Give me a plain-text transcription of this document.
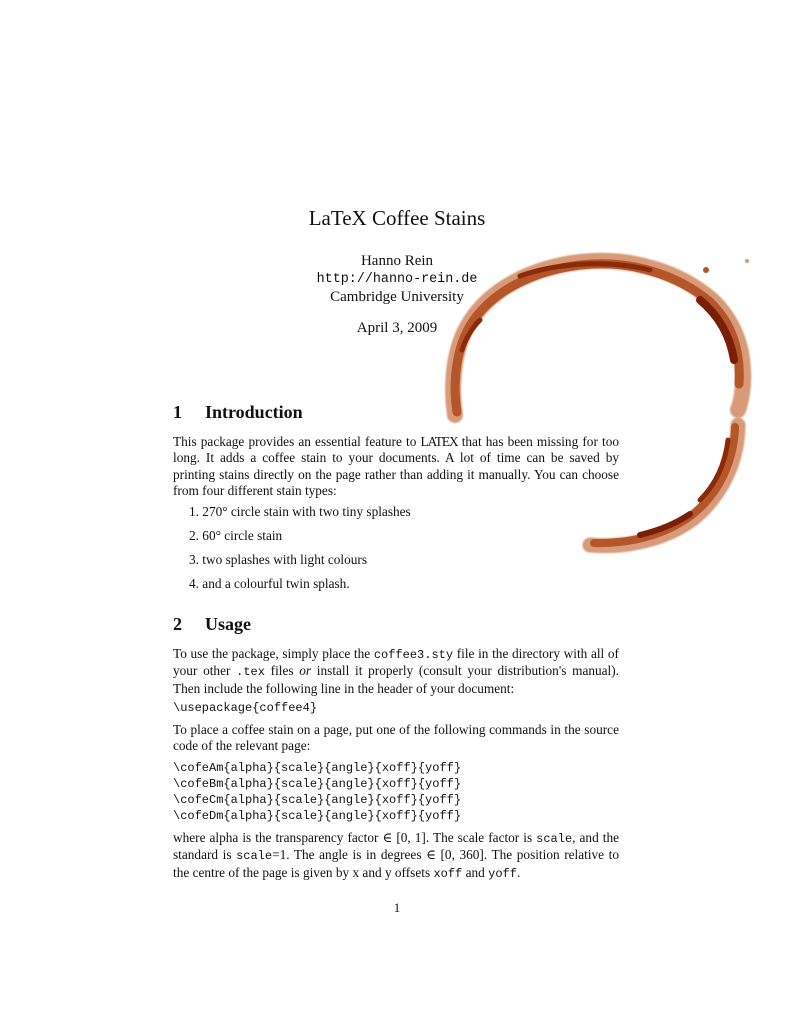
LaTeX Coffee Stains
Hanno Rein
http://hanno-rein.de
Cambridge University
April 3, 2009
1 Introduction

This package provides an essential feature to LATEX that has been missing for too long. It adds a coffee stain to your documents. A lot of time can be saved by printing stains directly on the page rather than adding it manually. You can choose from four different stain types:

1. 270° circle stain with two tiny splashes
2. 60° circle stain
3. two splashes with light colours
4. and a colourful twin splash.
2 Usage

To use the package, simply place the coffee3.sty file in the directory with all of your other .tex files or install it properly (consult your distribution's manual). Then include the following line in the header of your document:

\usepackage{coffee4}

To place a coffee stain on a page, put one of the following commands in the source code of the relevant page:

\cofeAm{alpha}{scale}{angle}{xoff}{yoff}
\cofeBm{alpha}{scale}{angle}{xoff}{yoff}
\cofeCm{alpha}{scale}{angle}{xoff}{yoff}
\cofeDm{alpha}{scale}{angle}{xoff}{yoff}

where alpha is the transparency factor ∈ [0, 1]. The scale factor is scale, and the standard is scale=1. The angle is in degrees ∈ [0, 360]. The position relative to the centre of the page is given by x and y offsets xoff and yoff.

1
